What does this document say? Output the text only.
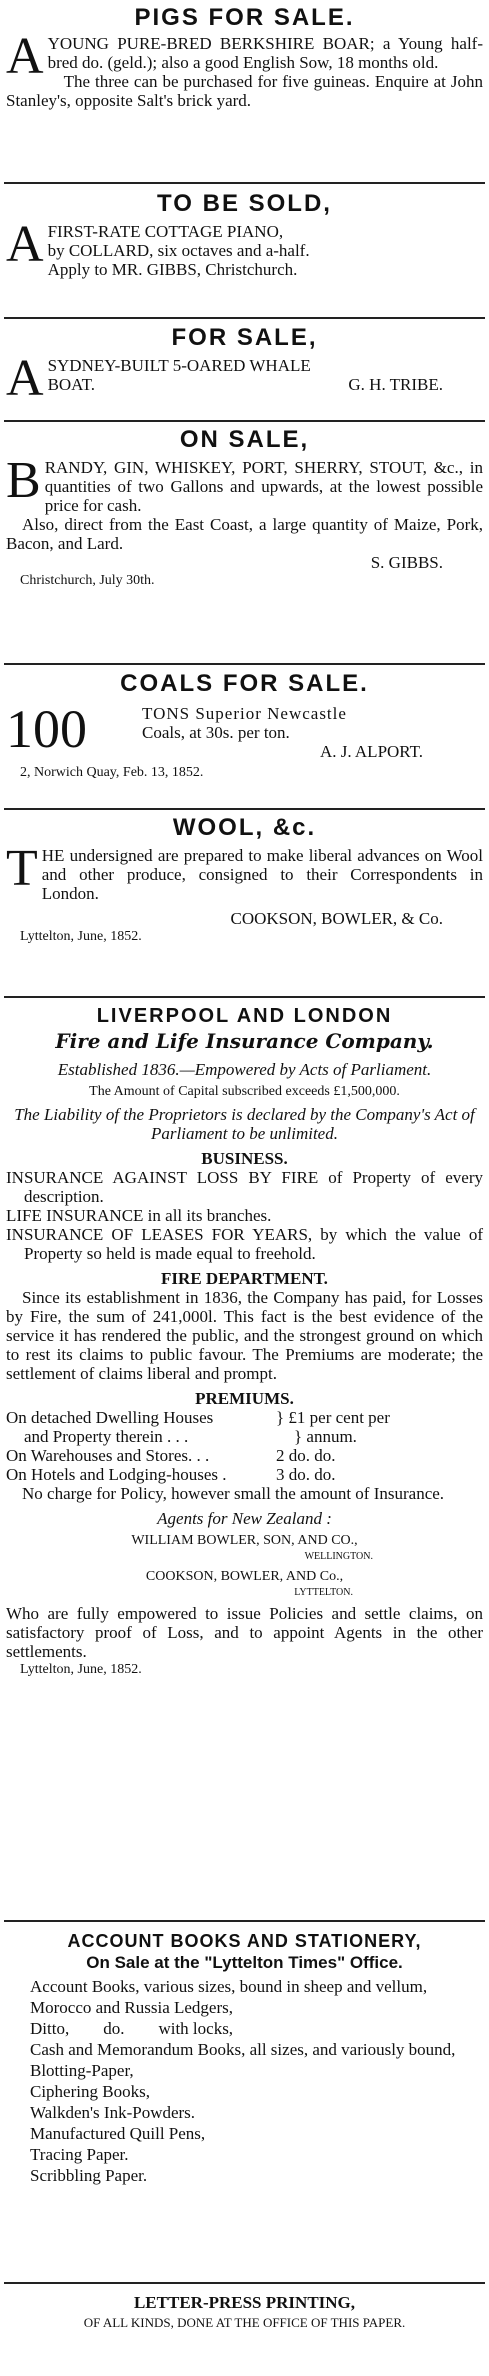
PIGS FOR SALE.
A YOUNG PURE-BRED BERKSHIRE BOAR; a Young half-bred do. (geld.); also a good English Sow, 18 months old.

The three can be purchased for five guineas. Enquire at John Stanley's, opposite Salt's brick yard.

TO BE SOLD,
A FIRST-RATE COTTAGE PIANO,

by COLLARD, six octaves and a-half.

Apply to MR. GIBBS, Christchurch.

FOR SALE,
A SYDNEY-BUILT 5-OARED WHALE

BOAT.	G. H. TRIBE.

ON SALE,
B RANDY, GIN, WHISKEY, PORT, SHERRY, STOUT, &c., in quantities of two Gallons and upwards, at the lowest possible price for cash.

Also, direct from the East Coast, a large quantity of Maize, Pork, Bacon, and Lard.

S. GIBBS.

Christchurch, July 30th.

COALS FOR SALE.
100	TONS Superior Newcastle

Coals, at 30s. per ton.

A. J. ALPORT.

2, Norwich Quay, Feb. 13, 1852.

WOOL, &c.
T HE undersigned are prepared to make liberal advances on Wool and other produce, consigned to their Correspondents in London.

COOKSON, BOWLER, & Co.

Lyttelton, June, 1852.

LIVERPOOL AND LONDON
Fire and Life Insurance Company.

Established 1836.—Empowered by Acts of Parliament.

The Amount of Capital subscribed exceeds £1,500,000.

The Liability of the Proprietors is declared by the Company's Act of Parliament to be unlimited.

BUSINESS.

INSURANCE AGAINST LOSS BY FIRE of Property of every description.

LIFE INSURANCE in all its branches.

INSURANCE OF LEASES FOR YEARS, by which the value of Property so held is made equal to freehold.

FIRE DEPARTMENT.

Since its establishment in 1836, the Company has paid, for Losses by Fire, the sum of 241,000l. This fact is the best evidence of the service it has rendered the public, and the strongest ground on which to rest its claims to public favour. The Premiums are moderate; the settlement of claims liberal and prompt.

PREMIUMS.

On detached Dwelling Houses	} £1 per cent per
and Property therein . . .	} annum.
On Warehouses and Stores. . .	2 do. do.
On Hotels and Lodging-houses .	3 do. do.

No charge for Policy, however small the amount of Insurance.

Agents for New Zealand :

WILLIAM BOWLER, SON, AND CO.,

WELLINGTON.

COOKSON, BOWLER, AND Co.,

LYTTELTON.

Who are fully empowered to issue Policies and settle claims, on satisfactory proof of Loss, and to appoint Agents in the other settlements.

Lyttelton, June, 1852.

ACCOUNT BOOKS AND STATIONERY,
On Sale at the "Lyttelton Times" Office.

Account Books, various sizes, bound in sheep and vellum,

Morocco and Russia Ledgers,

Ditto,        do.        with locks,

Cash and Memorandum Books, all sizes, and variously bound,

Blotting-Paper,

Ciphering Books,

Walkden's Ink-Powders.

Manufactured Quill Pens,

Tracing Paper.

Scribbling Paper.

LETTER-PRESS PRINTING,
OF ALL KINDS, DONE AT THE OFFICE OF THIS PAPER.
